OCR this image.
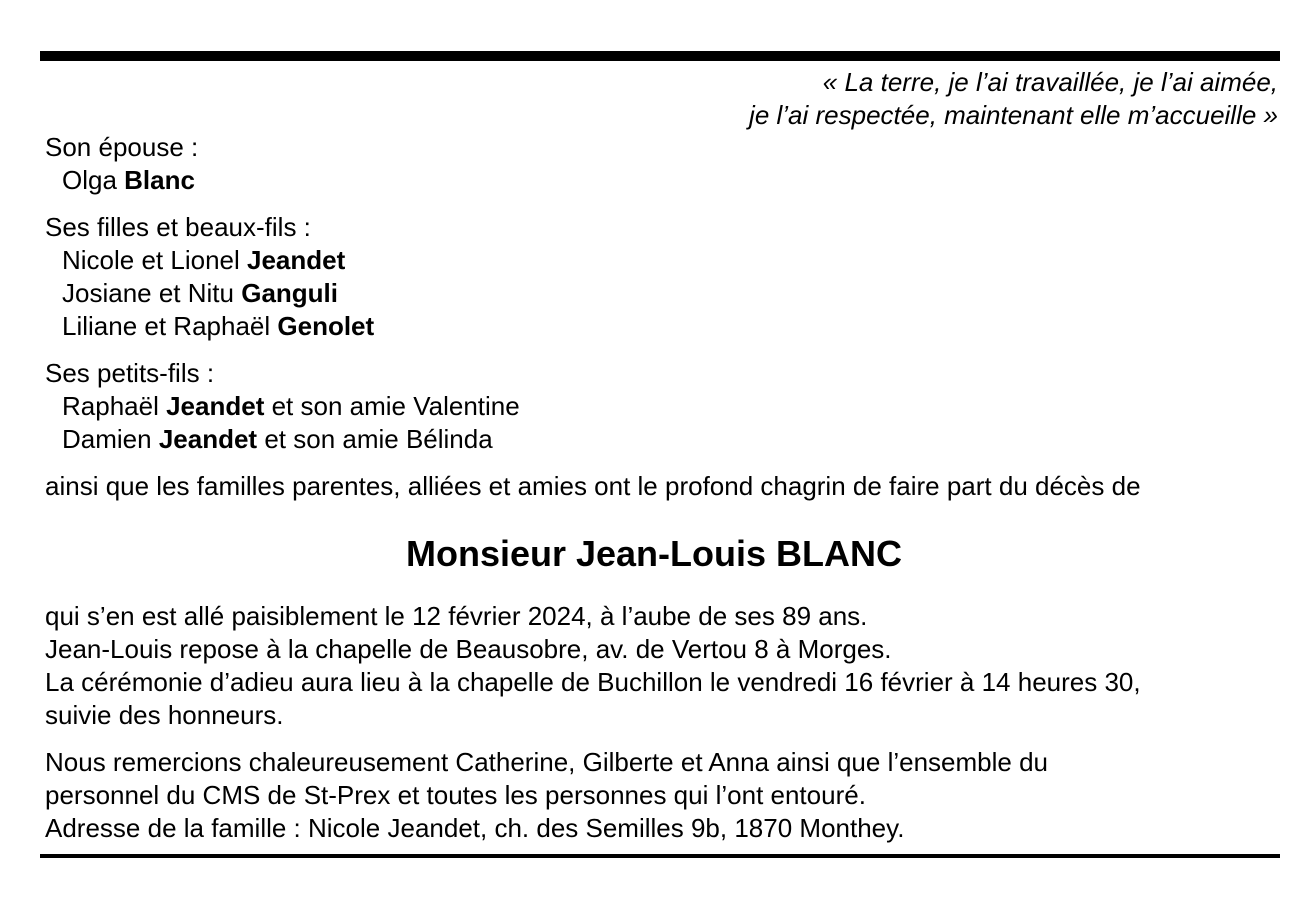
« La terre, je l’ai travaillée, je l’ai aimée,
je l’ai respectée, maintenant elle m’accueille »
Son épouse :
Olga Blanc
Ses filles et beaux-fils :
Nicole et Lionel Jeandet
Josiane et Nitu Ganguli
Liliane et Raphaël Genolet
Ses petits-fils :
Raphaël Jeandet et son amie Valentine
Damien Jeandet et son amie Bélinda
ainsi que les familles parentes, alliées et amies ont le profond chagrin de faire part du décès de
Monsieur Jean-Louis BLANC
qui s’en est allé paisiblement le 12 février 2024, à l’aube de ses 89 ans.
Jean-Louis repose à la chapelle de Beausobre, av. de Vertou 8 à Morges.
La cérémonie d’adieu aura lieu à la chapelle de Buchillon le vendredi 16 février à 14 heures 30,
suivie des honneurs.
Nous remercions chaleureusement Catherine, Gilberte et Anna ainsi que l’ensemble du
personnel du CMS de St-Prex et toutes les personnes qui l’ont entouré.
Adresse de la famille : Nicole Jeandet, ch. des Semilles 9b, 1870 Monthey.
